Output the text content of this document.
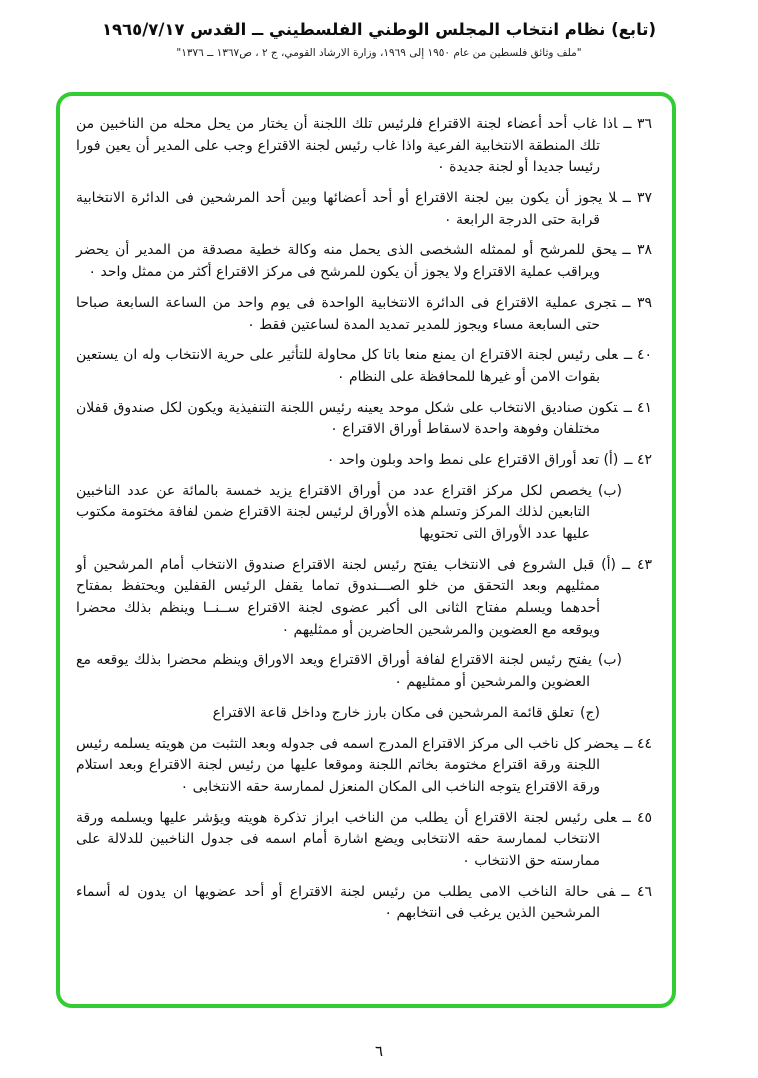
(تابع) نظام انتخاب المجلس الوطني الفلسطيني ــ القدس ١٩٦٥/٧/١٧
"ملف وثائق فلسطين من عام ١٩٥٠ إلى ١٩٦٩، وزارة الارشاد القومي، ج ٢ ، ص١٣٦٧ ــ ١٣٧٦"

٣٦ ــاذا غاب أحد أعضاء لجنة الاقتراع فلرئيس تلك اللجنة أن يختار من يحل محله من الناخبين من تلك المنطقة الانتخابية الفرعية واذا غاب رئيس لجنة الاقتراع وجب على المدير أن يعين فورا رئيسا جديدا أو لجنة جديدة ٠

٣٧ ــلا يجوز أن يكون بين لجنة الاقتراع أو أحد أعضائها وبين أحد المرشحين فى الدائرة الانتخابية قرابة حتى الدرجة الرابعة ٠

٣٨ ــيحق للمرشح أو لممثله الشخصى الذى يحمل منه وكالة خطية مصدقة من المدير أن يحضر ويراقب عملية الاقتراع ولا يجوز أن يكون للمرشح فى مركز الاقتراع أكثر من ممثل واحد ٠

٣٩ ــتجرى عملية الاقتراع فى الدائرة الانتخابية الواحدة فى يوم واحد من الساعة السابعة صباحا حتى السابعة مساء ويجوز للمدير تمديد المدة لساعتين فقط ٠

٤٠ ــعلى رئيس لجنة الاقتراع ان يمنع منعا باتا كل محاولة للتأثير على حرية الانتخاب وله ان يستعين بقوات الامن أو غيرها للمحافظة على النظام ٠

٤١ ــتكون صناديق الانتخاب على شكل موحد يعينه رئيس اللجنة التنفيذية ويكون لكل صندوق قفلان مختلفان وفوهة واحدة لاسقاط أوراق الاقتراع ٠

٤٢ ــ(أ) تعد أوراق الاقتراع على نمط واحد وبلون واحد ٠

(ب)يخصص لكل مركز اقتراع عدد من أوراق الاقتراع يزيد خمسة بالمائة عن عدد الناخبين التابعين لذلك المركز وتسلم هذه الأوراق لرئيس لجنة الاقتراع ضمن لفافة مختومة مكتوب عليها عدد الأوراق التى تحتويها

٤٣ ــ(أ) قبل الشروع فى الانتخاب يفتح رئيس لجنة الاقتراع صندوق الانتخاب أمام المرشحين أو ممثليهم وبعد التحقق من خلو الصـــندوق تماما يقفل الرئيس القفلين ويحتفظ بمفتاح أحدهما ويسلم مفتاح الثانى الى أكبر عضوى لجنة الاقتراع ســنــا وينظم بذلك محضرا ويوقعه مع العضوين والمرشحين الحاضرين أو ممثليهم ٠

(ب)يفتح رئيس لجنة الاقتراع لفافة أوراق الاقتراع ويعد الاوراق وينظم محضرا بذلك يوقعه مع العضوين والمرشحين أو ممثليهم ٠

(ج)تعلق قائمة المرشحين فى مكان بارز خارج وداخل قاعة الاقتراع

٤٤ ــيحضر كل ناخب الى مركز الاقتراع المدرج اسمه فى جدوله وبعد التثبت من هويته يسلمه رئيس اللجنة ورقة اقتراع مختومة بخاتم اللجنة وموقعا عليها من رئيس لجنة الاقتراع وبعد استلام ورقة الاقتراع يتوجه الناخب الى المكان المنعزل لممارسة حقه الانتخابى ٠

٤٥ ــعلى رئيس لجنة الاقتراع أن يطلب من الناخب ابراز تذكرة هويته ويؤشر عليها ويسلمه ورقة الانتخاب لممارسة حقه الانتخابى ويضع اشارة أمام اسمه فى جدول الناخبين للدلالة على ممارسته حق الانتخاب ٠

٤٦ ــفى حالة الناخب الامى يطلب من رئيس لجنة الاقتراع أو أحد عضويها ان يدون له أسماء المرشحين الذين يرغب فى انتخابهم ٠

٦
